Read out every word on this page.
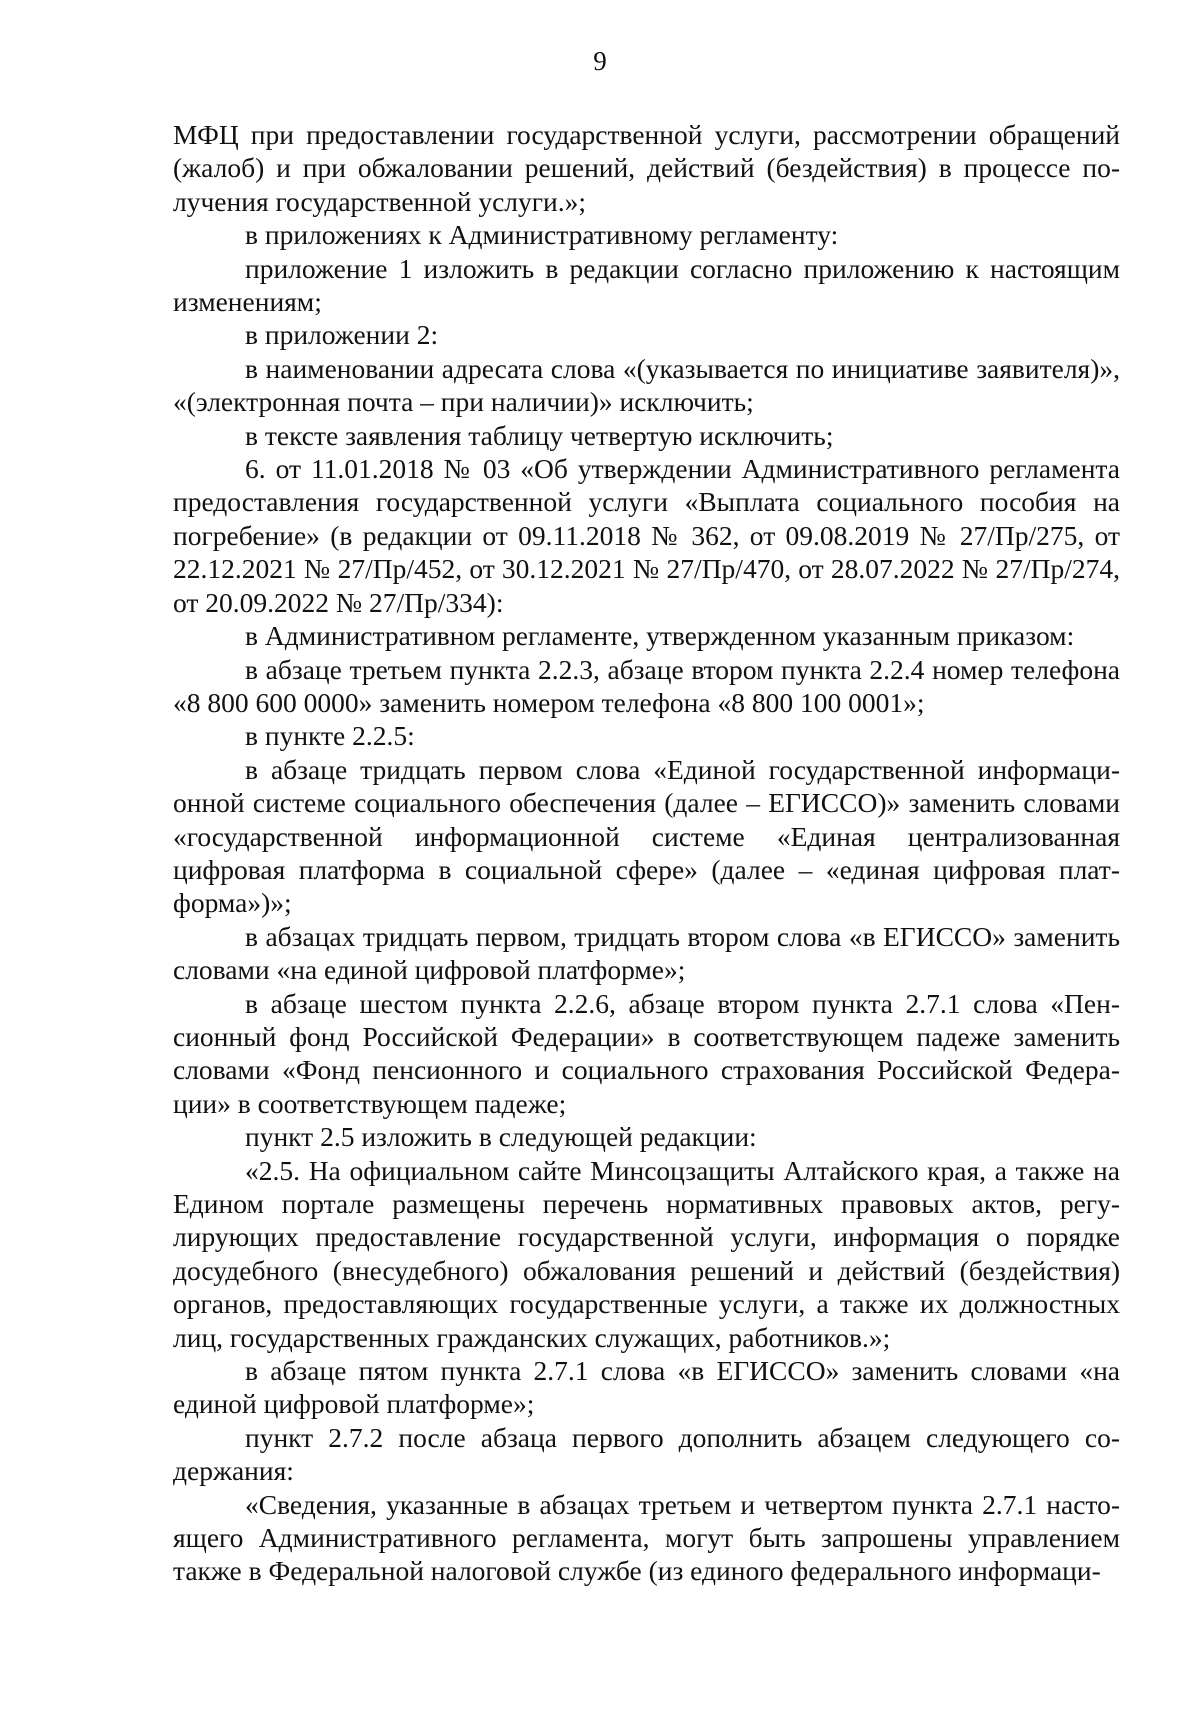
9

МФЦ при предоставлении государственной услуги, рассмотрении обращений (жалоб) и при обжаловании решений, действий (бездействия) в процессе получения государственной услуги.»;

в приложениях к Административному регламенту:

приложение 1 изложить в редакции согласно приложению к настоящим изменениям;

в приложении 2:

в наименовании адресата слова «(указывается по инициативе заявителя)», «(электронная почта – при наличии)» исключить;

в тексте заявления таблицу четвертую исключить;

6. от 11.01.2018 № 03 «Об утверждении Административного регламента предоставления государственной услуги «Выплата социального пособия на погребение» (в редакции от 09.11.2018 № 362, от 09.08.2019 № 27/Пр/275, от 22.12.2021 № 27/Пр/452, от 30.12.2021 № 27/Пр/470, от 28.07.2022 № 27/Пр/274, от 20.09.2022 № 27/Пр/334):

в Административном регламенте, утвержденном указанным приказом:

в абзаце третьем пункта 2.2.3, абзаце втором пункта 2.2.4 номер телефона «8 800 600 0000» заменить номером телефона «8 800 100 0001»;

в пункте 2.2.5:

в абзаце тридцать первом слова «Единой государственной информационной системе социального обеспечения (далее – ЕГИССО)» заменить словами «государственной информационной системе «Единая централизованная цифровая платформа в социальной сфере» (далее – «единая цифровая платформа»)»;

в абзацах тридцать первом, тридцать втором слова «в ЕГИССО» заменить словами «на единой цифровой платформе»;

в абзаце шестом пункта 2.2.6, абзаце втором пункта 2.7.1 слова «Пенсионный фонд Российской Федерации» в соответствующем падеже заменить словами «Фонд пенсионного и социального страхования Российской Федерации» в соответствующем падеже;

пункт 2.5 изложить в следующей редакции:

«2.5. На официальном сайте Минсоцзащиты Алтайского края, а также на Едином портале размещены перечень нормативных правовых актов, регулирующих предоставление государственной услуги, информация о порядке досудебного (внесудебного) обжалования решений и действий (бездействия) органов, предоставляющих государственные услуги, а также их должностных лиц, государственных гражданских служащих, работников.»;

в абзаце пятом пункта 2.7.1 слова «в ЕГИССО» заменить словами «на единой цифровой платформе»;

пункт 2.7.2 после абзаца первого дополнить абзацем следующего содержания:

«Сведения, указанные в абзацах третьем и четвертом пункта 2.7.1 настоящего Административного регламента, могут быть запрошены управлением также в Федеральной налоговой службе (из единого федерального информаци-
